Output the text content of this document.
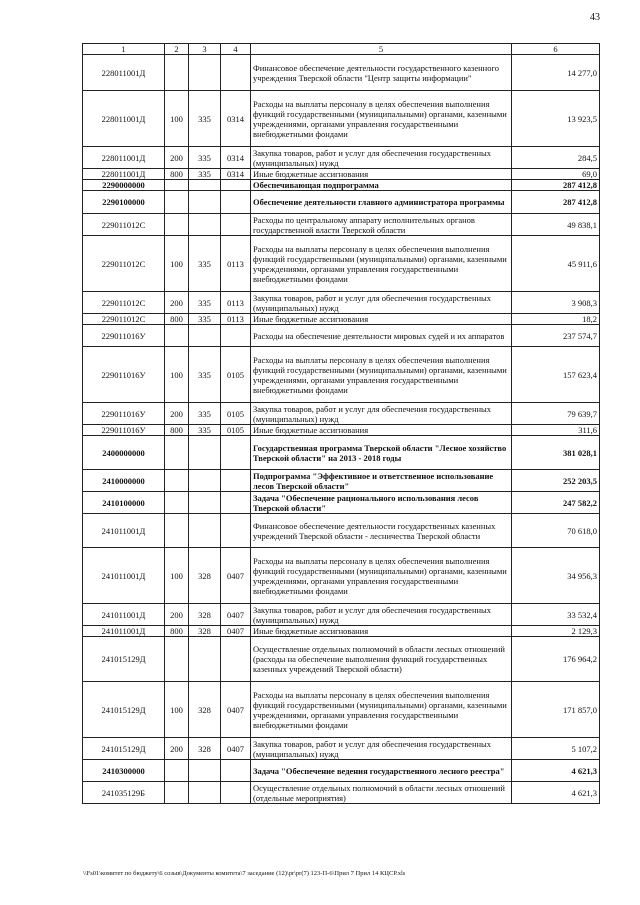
43
1	2	3	4	5	6
228011001Д				Финансовое обеспечение деятельности государственного казенного учреждения Тверской области "Центр защиты информации"	14 277,0
228011001Д	100	335	0314	Расходы на выплаты персоналу в целях обеспечения выполнения функций государственными (муниципальными) органами, казенными учреждениями, органами управления государственными внебюджетными фондами	13 923,5
228011001Д	200	335	0314	Закупка товаров, работ и услуг для обеспечения государственных (муниципальных) нужд	284,5
228011001Д	800	335	0314	Иные бюджетные ассигнования	69,0
2290000000				Обеспечивающая подпрограмма	287 412,8
2290100000				Обеспечение деятельности главного администратора программы	287 412,8
229011012С				Расходы по центральному аппарату исполнительных органов государственной власти Тверской области	49 838,1
229011012С	100	335	0113	Расходы на выплаты персоналу в целях обеспечения выполнения функций государственными (муниципальными) органами, казенными учреждениями, органами управления государственными внебюджетными фондами	45 911,6
229011012С	200	335	0113	Закупка товаров, работ и услуг для обеспечения государственных (муниципальных) нужд	3 908,3
229011012С	800	335	0113	Иные бюджетные ассигнования	18,2
229011016У				Расходы на обеспечение деятельности мировых судей и их аппаратов	237 574,7
229011016У	100	335	0105	Расходы на выплаты персоналу в целях обеспечения выполнения функций государственными (муниципальными) органами, казенными учреждениями, органами управления государственными внебюджетными фондами	157 623,4
229011016У	200	335	0105	Закупка товаров, работ и услуг для обеспечения государственных (муниципальных) нужд	79 639,7
229011016У	800	335	0105	Иные бюджетные ассигнования	311,6
2400000000				Государственная программа Тверской области "Лесное хозяйство Тверской области" на 2013 - 2018 годы	381 028,1
2410000000				Подпрограмма "Эффективное и ответственное использование лесов Тверской области"	252 203,5
2410100000				Задача "Обеспечение рационального использования лесов Тверской области"	247 582,2
241011001Д				Финансовое обеспечение деятельности государственных казенных учреждений Тверской области - лесничества Тверской области	70 618,0
241011001Д	100	328	0407	Расходы на выплаты персоналу в целях обеспечения выполнения функций государственными (муниципальными) органами, казенными учреждениями, органами управления государственными внебюджетными фондами	34 956,3
241011001Д	200	328	0407	Закупка товаров, работ и услуг для обеспечения государственных (муниципальных) нужд	33 532,4
241011001Д	800	328	0407	Иные бюджетные ассигнования	2 129,3
241015129Д				Осуществление отдельных полномочий в области лесных отношений (расходы на обеспечение выполнения функций государственных казенных учреждений Тверской области)	176 964,2
241015129Д	100	328	0407	Расходы на выплаты персоналу в целях обеспечения выполнения функций государственными (муниципальными) органами, казенными учреждениями, органами управления государственными внебюджетными фондами	171 857,0
241015129Д	200	328	0407	Закупка товаров, работ и услуг для обеспечения государственных (муниципальных) нужд	5 107,2
2410300000				Задача "Обеспечение ведения государственного лесного реестра"	4 621,3
241035129Б				Осуществление отдельных полномочий в области лесных отношений (отдельные мероприятия)	4 621,3
\\Fs01\комитет по бюджету\6 созыв\Документы комитета\7 заседание (12)\pr\pr(7) 123-П-6\Прил 7 Прил 14 КЦСР.xls
